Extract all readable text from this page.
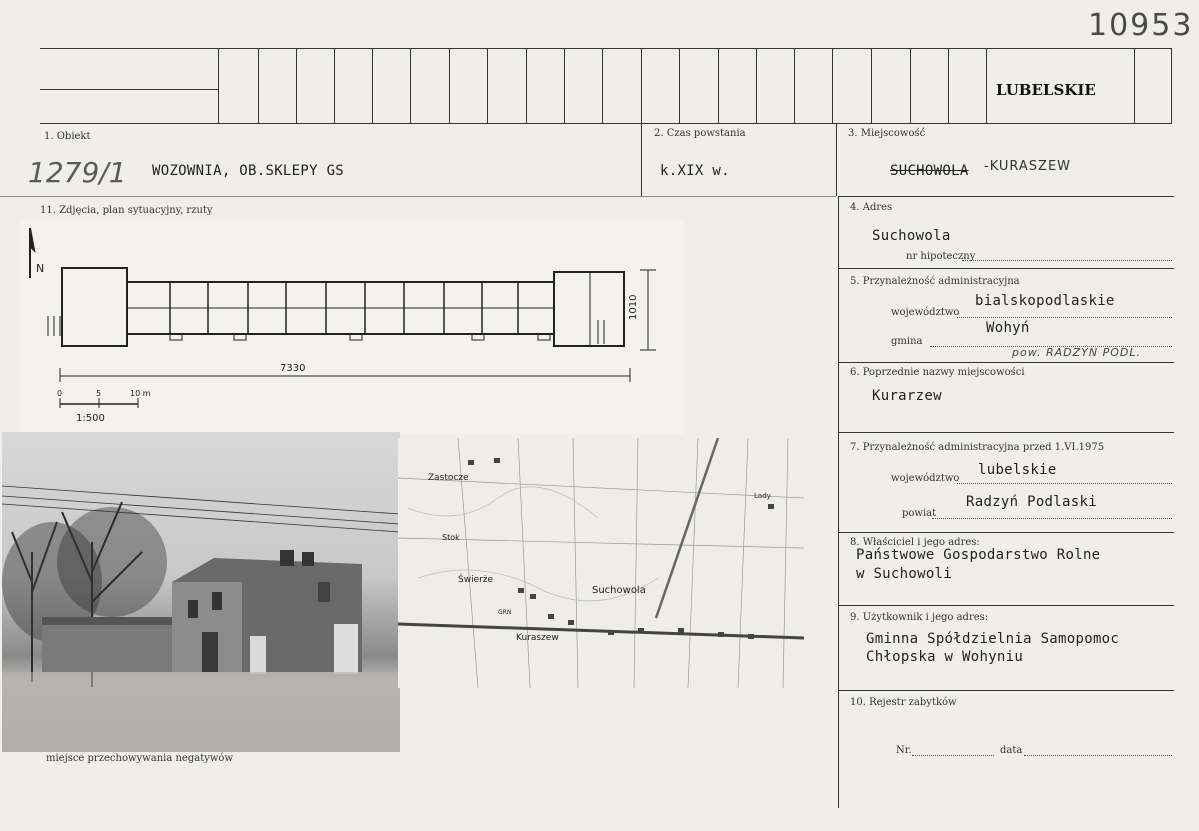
10953
LUBELSKIE
1. Obiekt
1279/1 WOZOWNIA, OB.SKLEPY GS
2. Czas powstania
k.XIX w.
3. Miejscowość
SUCHOWOLA -KURASZEW
11. Zdjęcia, plan sytuacyjny, rzuty	4. Adres
Suchowola
nr hipoteczny
5. Przynależność administracyjna
bialskopodlaskie
województwo
Wohyń
gmina
pow. RADZYN PODL.
6. Poprzednie nazwy miejscowości
Kurarzew
7. Przynależność administracyjna przed 1.VI.1975
lubelskie
województwo
Radzyń Podlaski
powiat
8. Właściciel i jego adres:
Państwowe Gospodarstwo Rolne
w Suchowoli
9. Użytkownik i jego adres:
Gminna Spółdzielnia Samopomoc
Chłopska w Wohyniu
10. Rejestr zabytków
Nr.	data
N
7330
1010
0	5	10 m
1:500
miejsce przechowywania negatywów
Zastocze
Stok
Świerże
Suchowola
Kuraszew
Lady
GRN
